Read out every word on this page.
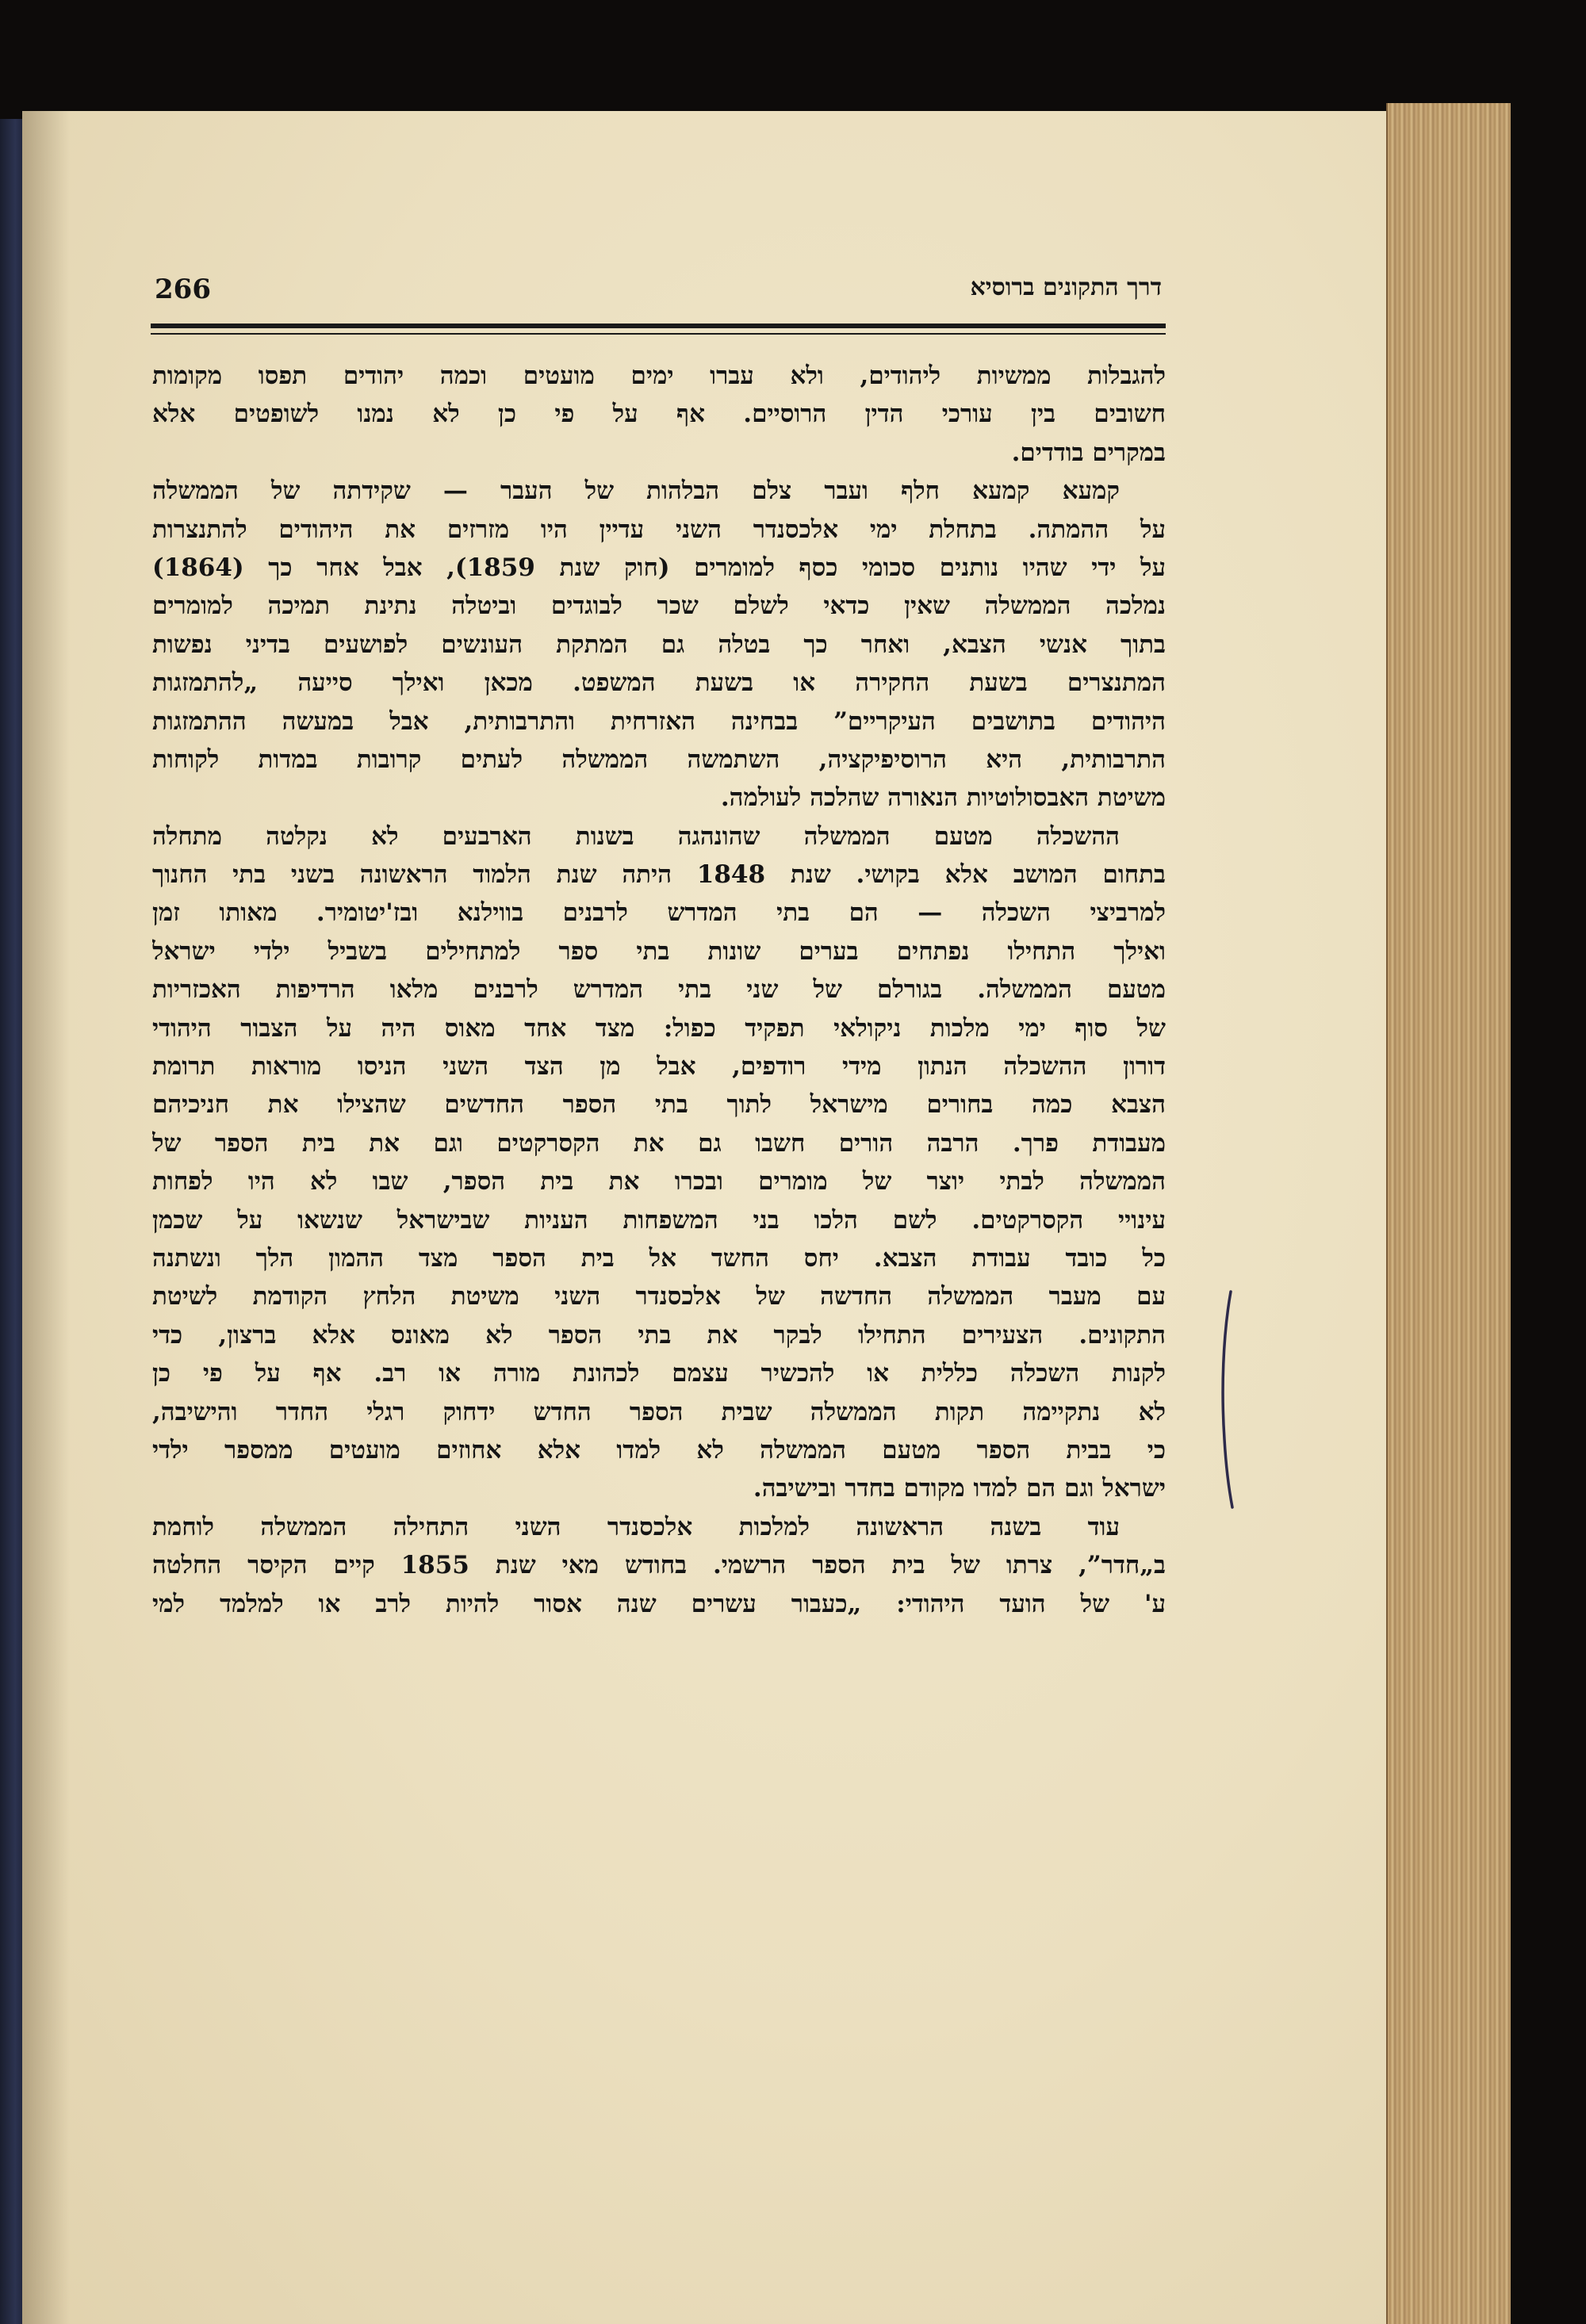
266	דרך התקונים ברוסיא
להגבלות ממשיות ליהודים, ולא עברו ימים מועטים וכמה יהודים תפסו מקומות
חשובים בין עורכי הדין הרוסיים. אף על פי כן לא נמנו לשופטים אלא
במקרים בודדים.
קמעא קמעא חלף ועבר צלם הבלהות של העבר — שקידתה של הממשלה
על ההמתה. בתחלת ימי אלכסנדר השני עדיין היו מזרזים את היהודים להתנצרות
על ידי שהיו נותנים סכומי כסף למומרים (חוק שנת 1859), אבל אחר כך (1864)
נמלכה הממשלה שאין כדאי לשלם שכר לבוגדים וביטלה נתינת תמיכה למומרים
בתוך אנשי הצבא, ואחר כך בטלה גם המתקת העונשים לפושעים בדיני נפשות
המתנצרים בשעת החקירה או בשעת המשפט. מכאן ואילך סייעה „להתמזגות
היהודים בתושבים העיקריים” בבחינה האזרחית והתרבותית, אבל במעשה ההתמזגות
התרבותית, היא הרוסיפיקציה, השתמשה הממשלה לעתים קרובות במדות לקוחות
משיטת האבסולוטיות הנאורה שהלכה לעולמה.
ההשכלה מטעם הממשלה שהונהגה בשנות הארבעים לא נקלטה מתחלה
בתחום המושב אלא בקושי. שנת 1848 היתה שנת הלמוד הראשונה בשני בתי החנוך
למרביצי השכלה — הם בתי המדרש לרבנים בווילנא ובז'יטומיר. מאותו זמן
ואילך התחילו נפתחים בערים שונות בתי ספר למתחילים בשביל ילדי ישראל
מטעם הממשלה. בגורלם של שני בתי המדרש לרבנים מלאו הרדיפות האכזריות
של סוף ימי מלכות ניקולאי תפקיד כפול: מצד אחד מאוס היה על הצבור היהודי
דורון ההשכלה הנתון מידי רודפים, אבל מן הצד השני הניסו מוראות תרומת
הצבא כמה בחורים מישראל לתוך בתי הספר החדשים שהצילו את חניכיהם
מעבודת פרך. הרבה הורים חשבו גם את הקסרקטים וגם את בית הספר של
הממשלה לבתי יוצר של מומרים ובכרו את בית הספר, שבו לא היו לפחות
עינויי הקסרקטים. לשם הלכו בני המשפחות העניות שבישראל שנשאו על שכמן
כל כובד עבודת הצבא. יחס החשד אל בית הספר מצד ההמון הלך ונשתנה
עם מעבר הממשלה החדשה של אלכסנדר השני משיטת הלחץ הקודמת לשיטת
התקונים. הצעירים התחילו לבקר את בתי הספר לא מאונס אלא ברצון, כדי
לקנות השכלה כללית או להכשיר עצמם לכהונת מורה או רב. אף על פי כן
לא נתקיימה תקות הממשלה שבית הספר החדש ידחוק רגלי החדר והישיבה,
כי בבית הספר מטעם הממשלה לא למדו אלא אחוזים מועטים ממספר ילדי
ישראל וגם הם למדו מקודם בחדר ובישיבה.
עוד בשנה הראשונה למלכות אלכסנדר השני התחילה הממשלה לוחמת
ב„חדר”, צרתו של בית הספר הרשמי. בחודש מאי שנת 1855 קיים הקיסר החלטה
ע' של הועד היהודי: „כעבור עשרים שנה אסור להיות לרב או למלמד למי
